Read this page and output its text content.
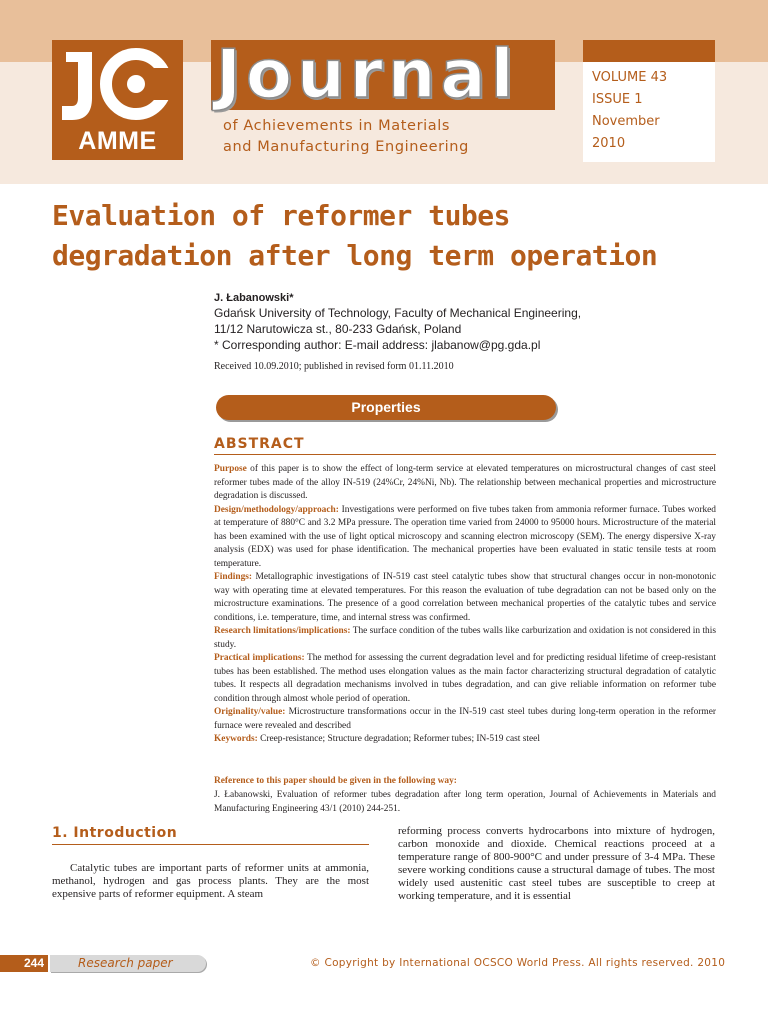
AMME
Journal
of Achievements in Materials
and Manufacturing Engineering
VOLUME 43
ISSUE 1
November
2010
Evaluation of reformer tubes
degradation after long term operation
J. Łabanowski*
Gdańsk University of Technology, Faculty of Mechanical Engineering,
11/12 Narutowicza st., 80-233 Gdańsk, Poland
* Corresponding author: E-mail address: jlabanow@pg.gda.pl
Received 10.09.2010; published in revised form 01.11.2010
Properties
ABSTRACT

Purpose of this paper is to show the effect of long-term service at elevated temperatures on microstructural changes of cast steel reformer tubes made of the alloy IN-519 (24%Cr, 24%Ni, Nb). The relationship between mechanical properties and microstructure degradation is discussed.

Design/methodology/approach: Investigations were performed on five tubes taken from ammonia reformer furnace. Tubes worked at temperature of 880°C and 3.2 MPa pressure. The operation time varied from 24000 to 95000 hours. Microstructure of the material has been examined with the use of light optical microscopy and scanning electron microscopy (SEM). The energy dispersive X-ray analysis (EDX) was used for phase identification. The mechanical properties have been evaluated in static tensile tests at room temperature.

Findings: Metallographic investigations of IN-519 cast steel catalytic tubes show that structural changes occur in non-monotonic way with operating time at elevated temperatures. For this reason the evaluation of tube degradation can not be based only on the microstructure examinations. The presence of a good correlation between mechanical properties of the catalytic tubes and service conditions, i.e. temperature, time, and internal stress was confirmed.

Research limitations/implications: The surface condition of the tubes walls like carburization and oxidation is not considered in this study.

Practical implications: The method for assessing the current degradation level and for predicting residual lifetime of creep-resistant tubes has been established. The method uses elongation values as the main factor characterizing structural degradation of catalytic tubes. It respects all degradation mechanisms involved in tubes degradation, and can give reliable information on reformer tube condition through almost whole period of operation.

Originality/value: Microstructure transformations occur in the IN-519 cast steel tubes during long-term operation in the reformer furnace were revealed and described

Keywords: Creep-resistance; Structure degradation; Reformer tubes; IN-519 cast steel

Reference to this paper should be given in the following way:
J. Łabanowski, Evaluation of reformer tubes degradation after long term operation, Journal of Achievements in Materials and Manufacturing Engineering 43/1 (2010) 244-251.
1. Introduction
Catalytic tubes are important parts of reformer units at ammonia, methanol, hydrogen and gas process plants. They are the most expensive parts of reformer equipment. A steam
reforming process converts hydrocarbons into mixture of hydrogen, carbon monoxide and dioxide. Chemical reactions proceed at a temperature range of 800-900°C and under pressure of 3-4 MPa. These severe working conditions cause a structural damage of tubes. The most widely used austenitic cast steel tubes are susceptible to creep at working temperature, and it is essential
244	Research paper	© Copyright by International OCSCO World Press. All rights reserved. 2010
